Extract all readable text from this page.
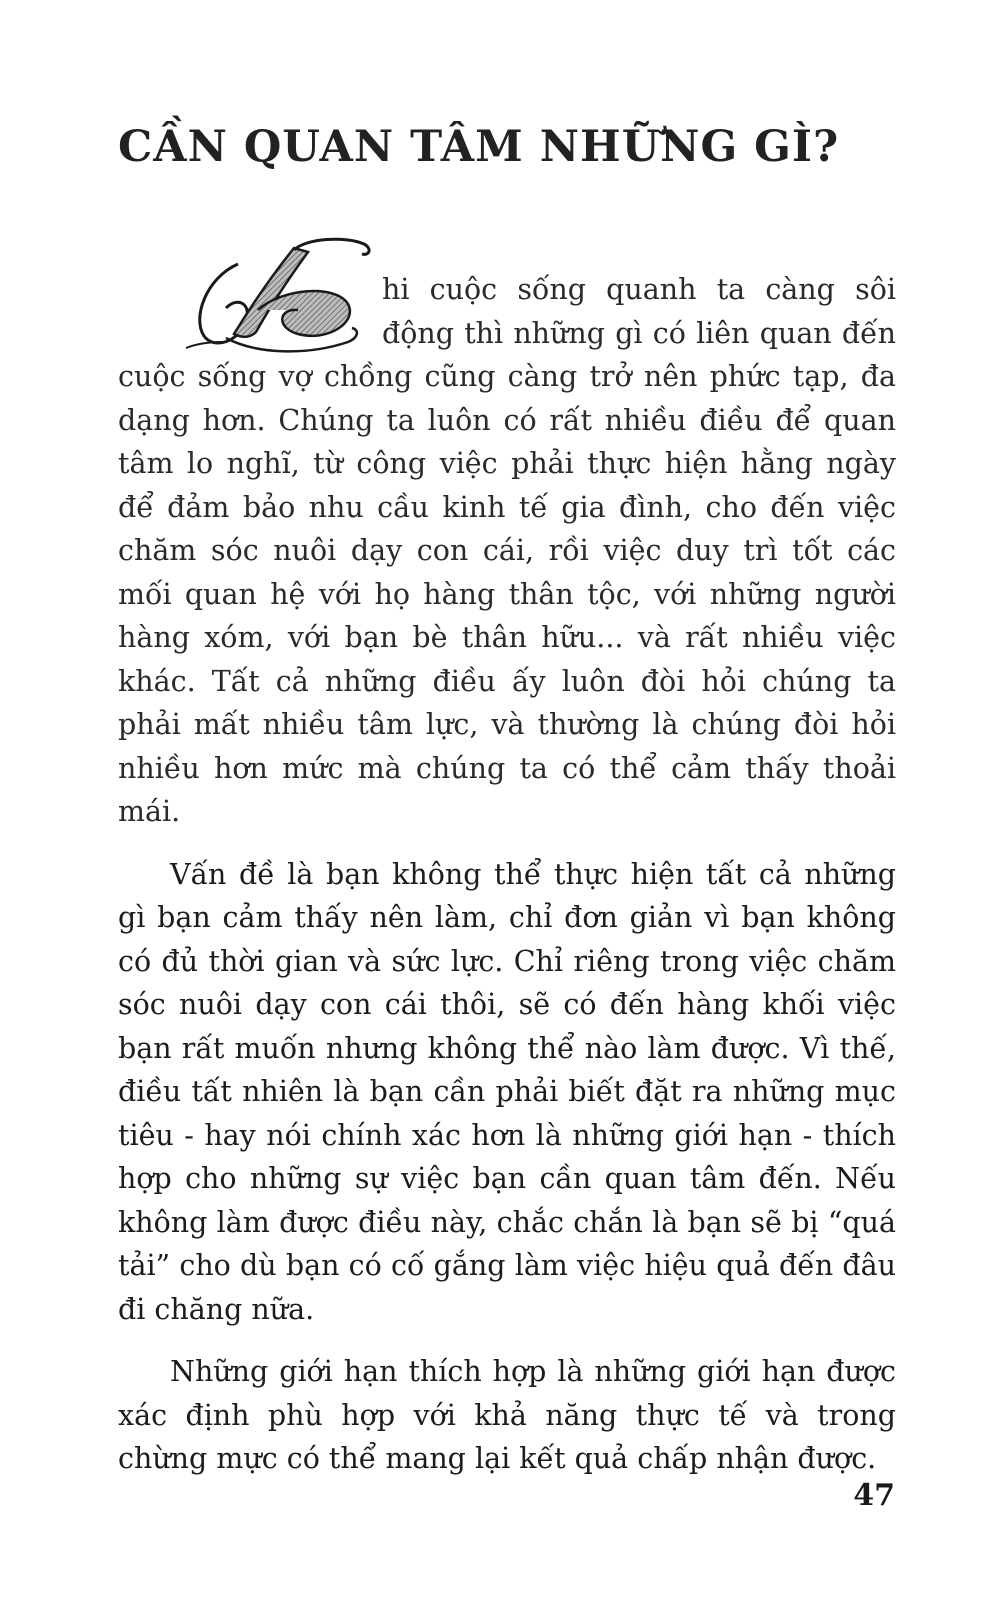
CẦN QUAN TÂM NHỮNG GÌ?

hi cuộc sống quanh ta càng sôi động thì những gì có liên quan đến cuộc sống vợ chồng cũng càng trở nên phức tạp, đa dạng hơn. Chúng ta luôn có rất nhiều điều để quan tâm lo nghĩ, từ công việc phải thực hiện hằng ngày để đảm bảo nhu cầu kinh tế gia đình, cho đến việc chăm sóc nuôi dạy con cái, rồi việc duy trì tốt các mối quan hệ với họ hàng thân tộc, với những người hàng xóm, với bạn bè thân hữu... và rất nhiều việc khác. Tất cả những điều ấy luôn đòi hỏi chúng ta phải mất nhiều tâm lực, và thường là chúng đòi hỏi nhiều hơn mức mà chúng ta có thể cảm thấy thoải mái.

Vấn đề là bạn không thể thực hiện tất cả những gì bạn cảm thấy nên làm, chỉ đơn giản vì bạn không có đủ thời gian và sức lực. Chỉ riêng trong việc chăm sóc nuôi dạy con cái thôi, sẽ có đến hàng khối việc bạn rất muốn nhưng không thể nào làm được. Vì thế, điều tất nhiên là bạn cần phải biết đặt ra những mục tiêu - hay nói chính xác hơn là những giới hạn - thích hợp cho những sự việc bạn cần quan tâm đến. Nếu không làm được điều này, chắc chắn là bạn sẽ bị “quá tải” cho dù bạn có cố gắng làm việc hiệu quả đến đâu đi chăng nữa.

Những giới hạn thích hợp là những giới hạn được xác định phù hợp với khả năng thực tế và trong chừng mực có thể mang lại kết quả chấp nhận được.

47
